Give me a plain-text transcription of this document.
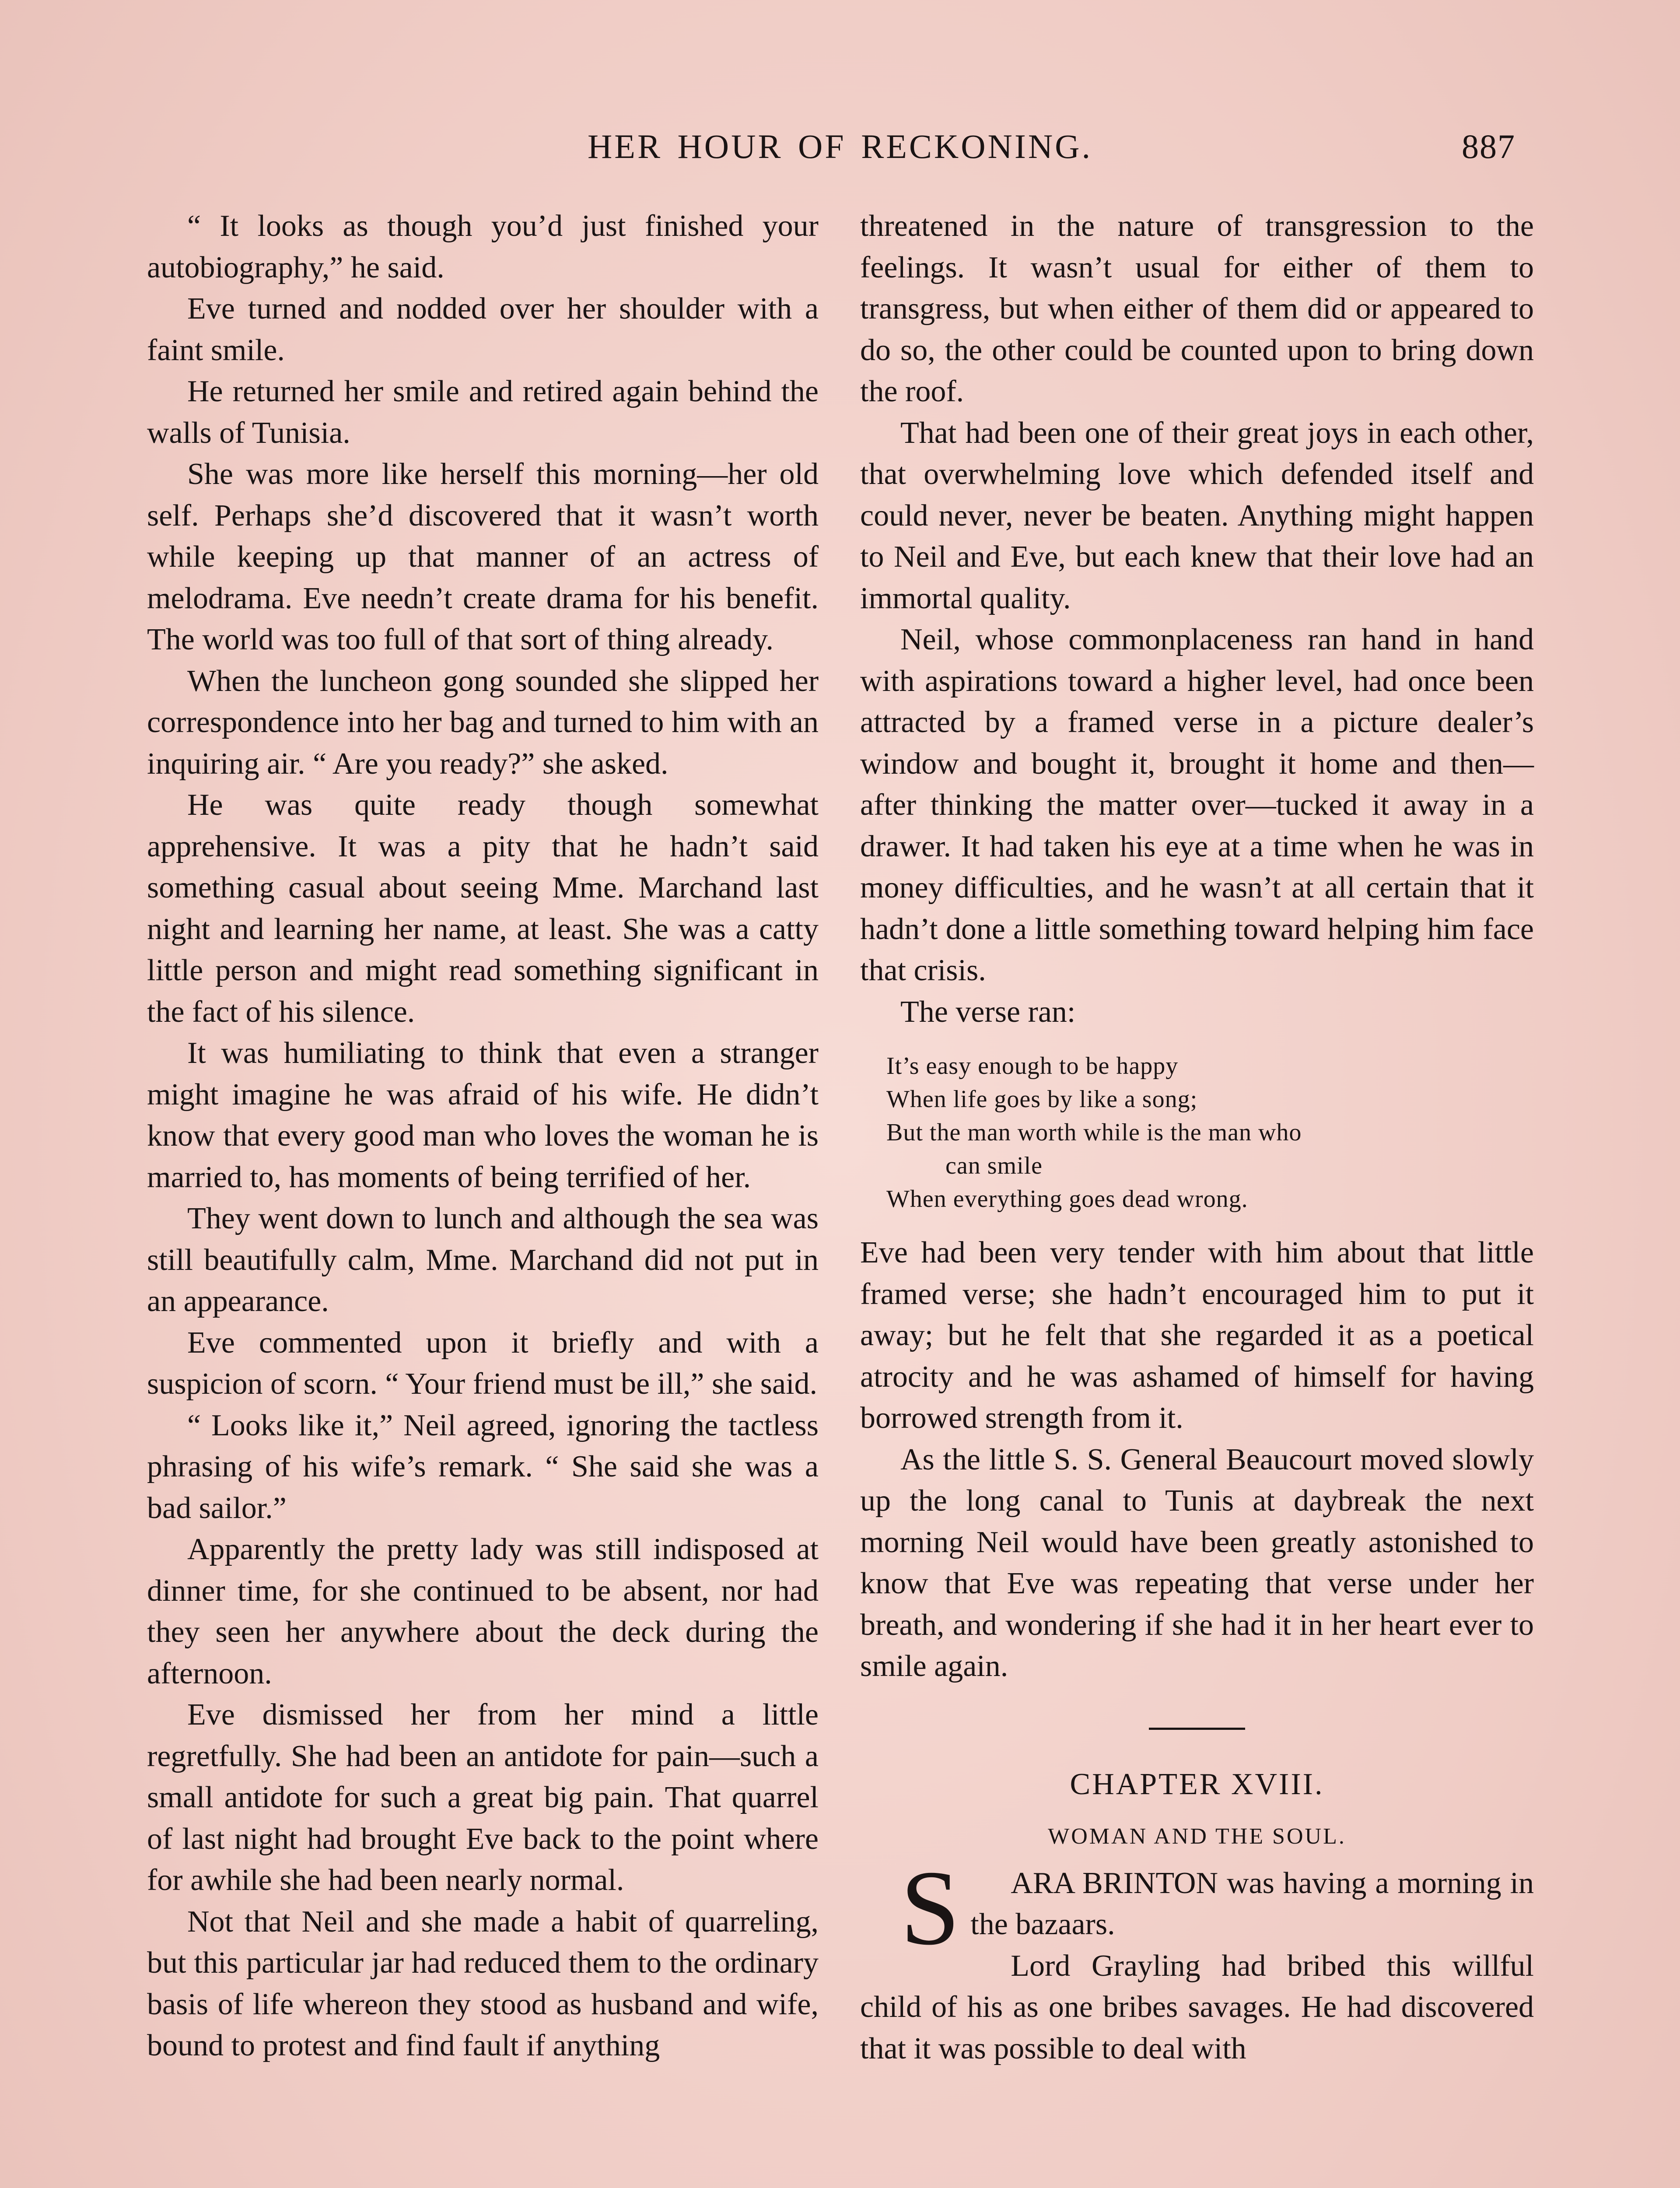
HER HOUR OF RECKONING.	887

“ It looks as though you’d just finished your autobiography,” he said.

Eve turned and nodded over her shoulder with a faint smile.

He returned her smile and retired again behind the walls of Tunisia.

She was more like herself this morning—her old self. Perhaps she’d discovered that it wasn’t worth while keeping up that manner of an actress of melodrama. Eve needn’t create drama for his benefit. The world was too full of that sort of thing already.

When the luncheon gong sounded she slipped her correspondence into her bag and turned to him with an inquiring air. “ Are you ready?” she asked.

He was quite ready though somewhat apprehensive. It was a pity that he hadn’t said something casual about seeing Mme. Marchand last night and learning her name, at least. She was a catty little person and might read something significant in the fact of his silence.

It was humiliating to think that even a stranger might imagine he was afraid of his wife. He didn’t know that every good man who loves the woman he is married to, has moments of being terrified of her.

They went down to lunch and although the sea was still beautifully calm, Mme. Marchand did not put in an appearance.

Eve commented upon it briefly and with a suspicion of scorn. “ Your friend must be ill,” she said.

“ Looks like it,” Neil agreed, ignoring the tactless phrasing of his wife’s remark. “ She said she was a bad sailor.”

Apparently the pretty lady was still indisposed at dinner time, for she continued to be absent, nor had they seen her anywhere about the deck during the afternoon.

Eve dismissed her from her mind a little regretfully. She had been an antidote for pain—such a small antidote for such a great big pain. That quarrel of last night had brought Eve back to the point where for awhile she had been nearly normal.

Not that Neil and she made a habit of quarreling, but this particular jar had reduced them to the ordinary basis of life whereon they stood as husband and wife, bound to protest and find fault if anything

threatened in the nature of transgression to the feelings. It wasn’t usual for either of them to transgress, but when either of them did or appeared to do so, the other could be counted upon to bring down the roof.

That had been one of their great joys in each other, that overwhelming love which defended itself and could never, never be beaten. Anything might happen to Neil and Eve, but each knew that their love had an immortal quality.

Neil, whose commonplaceness ran hand in hand with aspirations toward a higher level, had once been attracted by a framed verse in a picture dealer’s window and bought it, brought it home and then—after thinking the matter over—tucked it away in a drawer. It had taken his eye at a time when he was in money difficulties, and he wasn’t at all certain that it hadn’t done a little something toward helping him face that crisis.

The verse ran:

It’s easy enough to be happy
When life goes by like a song;
But the man worth while is the man who
can smile
When everything goes dead wrong.

Eve had been very tender with him about that little framed verse; she hadn’t encouraged him to put it away; but he felt that she regarded it as a poetical atrocity and he was ashamed of himself for having borrowed strength from it.

As the little S. S. General Beaucourt moved slowly up the long canal to Tunis at daybreak the next morning Neil would have been greatly astonished to know that Eve was repeating that verse under her breath, and wondering if she had it in her heart ever to smile again.

CHAPTER XVIII.
WOMAN AND THE SOUL.

S ARA BRINTON was having a morning in the bazaars.

Lord Grayling had bribed this willful child of his as one bribes savages. He had discovered that it was possible to deal with
